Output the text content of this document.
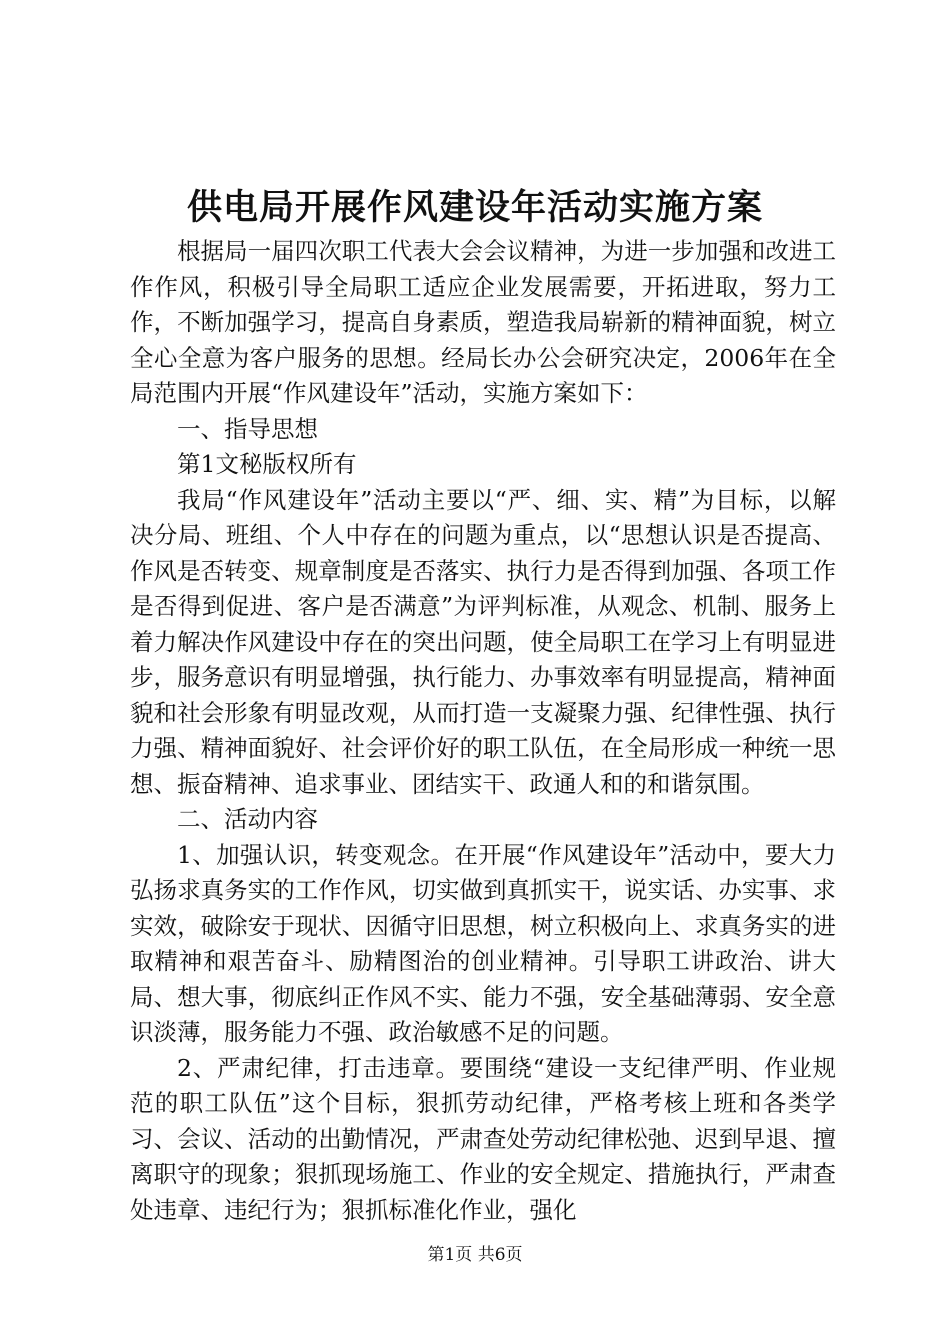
供电局开展作风建设年活动实施方案

根据局一届四次职工代表大会会议精神，为进一步加强和改进工作作风，积极引导全局职工适应企业发展需要，开拓进取，努力工作，不断加强学习，提高自身素质，塑造我局崭新的精神面貌，树立全心全意为客户服务的思想。经局长办公会研究决定，2006年在全局范围内开展“作风建设年”活动，实施方案如下：

一、指导思想

第1文秘版权所有

我局“作风建设年”活动主要以“严、细、实、精”为目标，以解决分局、班组、个人中存在的问题为重点，以“思想认识是否提高、作风是否转变、规章制度是否落实、执行力是否得到加强、各项工作是否得到促进、客户是否满意”为评判标准，从观念、机制、服务上着力解决作风建设中存在的突出问题，使全局职工在学习上有明显进步，服务意识有明显增强，执行能力、办事效率有明显提高，精神面貌和社会形象有明显改观，从而打造一支凝聚力强、纪律性强、执行力强、精神面貌好、社会评价好的职工队伍，在全局形成一种统一思想、振奋精神、追求事业、团结实干、政通人和的和谐氛围。

二、活动内容

1、加强认识，转变观念。在开展“作风建设年”活动中，要大力弘扬求真务实的工作作风，切实做到真抓实干，说实话、办实事、求实效，破除安于现状、因循守旧思想，树立积极向上、求真务实的进取精神和艰苦奋斗、励精图治的创业精神。引导职工讲政治、讲大局、想大事，彻底纠正作风不实、能力不强，安全基础薄弱、安全意识淡薄，服务能力不强、政治敏感不足的问题。

2、严肃纪律，打击违章。要围绕“建设一支纪律严明、作业规范的职工队伍”这个目标，狠抓劳动纪律，严格考核上班和各类学习、会议、活动的出勤情况，严肃查处劳动纪律松弛、迟到早退、擅离职守的现象；狠抓现场施工、作业的安全规定、措施执行，严肃查处违章、违纪行为；狠抓标准化作业，强化

第1页 共6页
